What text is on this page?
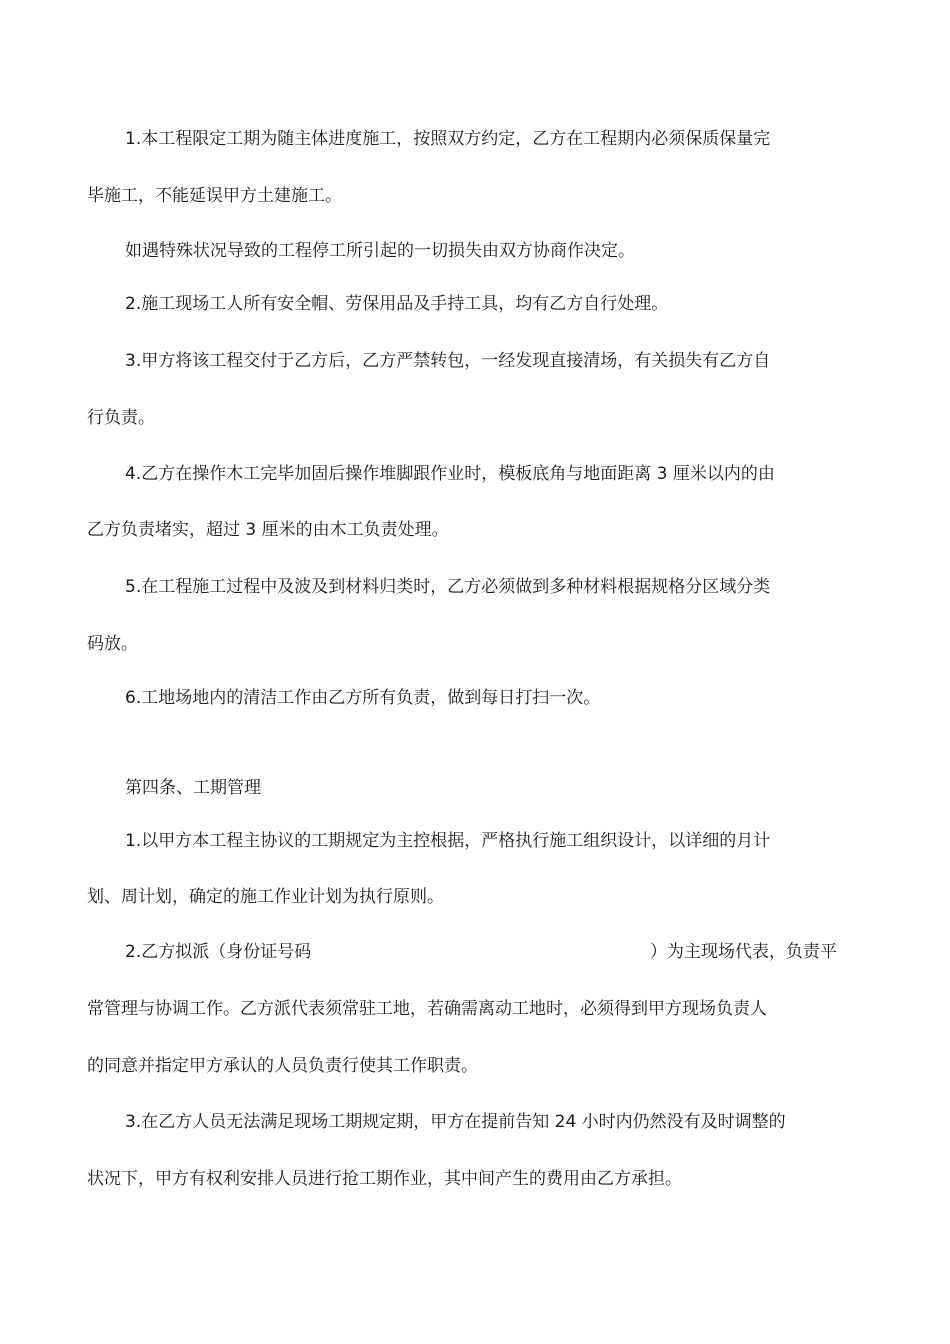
1.本工程限定工期为随主体进度施工，按照双方约定，乙方在工程期内必须保质保量完
毕施工，不能延误甲方土建施工。
如遇特殊状况导致的工程停工所引起的一切损失由双方协商作决定。
2.施工现场工人所有安全帽、劳保用品及手持工具，均有乙方自行处理。
3.甲方将该工程交付于乙方后，乙方严禁转包，一经发现直接清场，有关损失有乙方自
行负责。
4.乙方在操作木工完毕加固后操作堆脚跟作业时，模板底角与地面距离 3 厘米以内的由
乙方负责堵实，超过 3 厘米的由木工负责处理。
5.在工程施工过程中及波及到材料归类时，乙方必须做到多种材料根据规格分区域分类
码放。
6.工地场地内的清洁工作由乙方所有负责，做到每日打扫一次。
第四条、工期管理
1.以甲方本工程主协议的工期规定为主控根据，严格执行施工组织设计，以详细的月计
划、周计划，确定的施工作业计划为执行原则。
2.乙方拟派（身份证号码	）为主现场代表，负责平
常管理与协调工作。乙方派代表须常驻工地，若确需离动工地时，必须得到甲方现场负责人
的同意并指定甲方承认的人员负责行使其工作职责。
3.在乙方人员无法满足现场工期规定期，甲方在提前告知 24 小时内仍然没有及时调整的
状况下，甲方有权利安排人员进行抢工期作业，其中间产生的费用由乙方承担。
